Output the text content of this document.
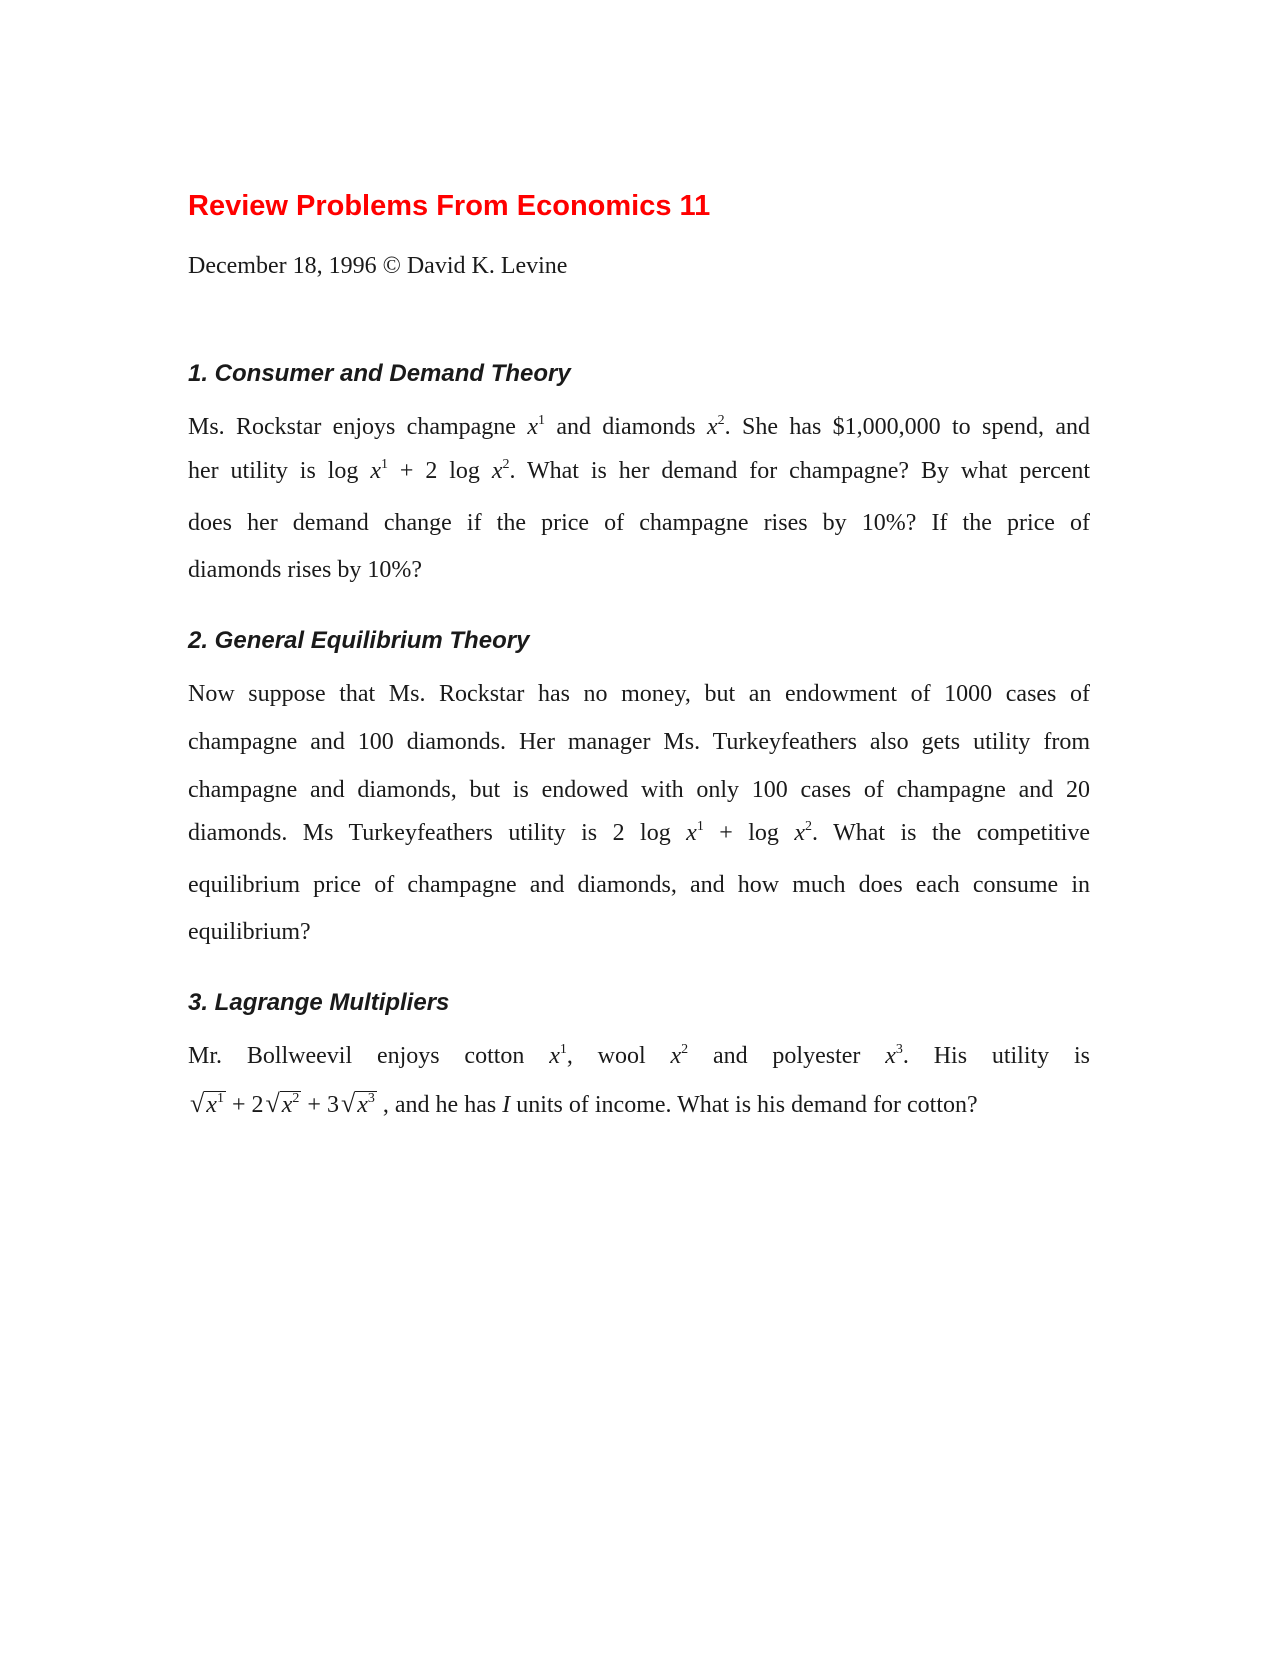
Review Problems From Economics 11
December 18, 1996 © David K. Levine
1. Consumer and Demand Theory
Ms. Rockstar enjoys champagne $x^1$ and diamonds $x^2$. She has $1,000,000 to spend, and
her utility is $\log x^1 + 2$ $\log x^2$. What is her demand for champagne? By what percent
does her demand change if the price of champagne rises by 10%? If the price of
diamonds rises by 10%?
2. General Equilibrium Theory
Now suppose that Ms. Rockstar has no money, but an endowment of 1000 cases of
champagne and 100 diamonds. Her manager Ms. Turkeyfeathers also gets utility from
champagne and diamonds, but is endowed with only 100 cases of champagne and 20
diamonds. Ms Turkeyfeathers utility is 2 $\log x^1 + \log x^2$. What is the competitive
equilibrium price of champagne and diamonds, and how much does each consume in
equilibrium?
3. Lagrange Multipliers
Mr. Bollweevil enjoys cotton $x^1$, wool $x^2$ and polyester $x^3$. His utility is
$√x^1 + 2√x^2 + 3√x^3$ , and he has I units of income. What is his demand for cotton?
